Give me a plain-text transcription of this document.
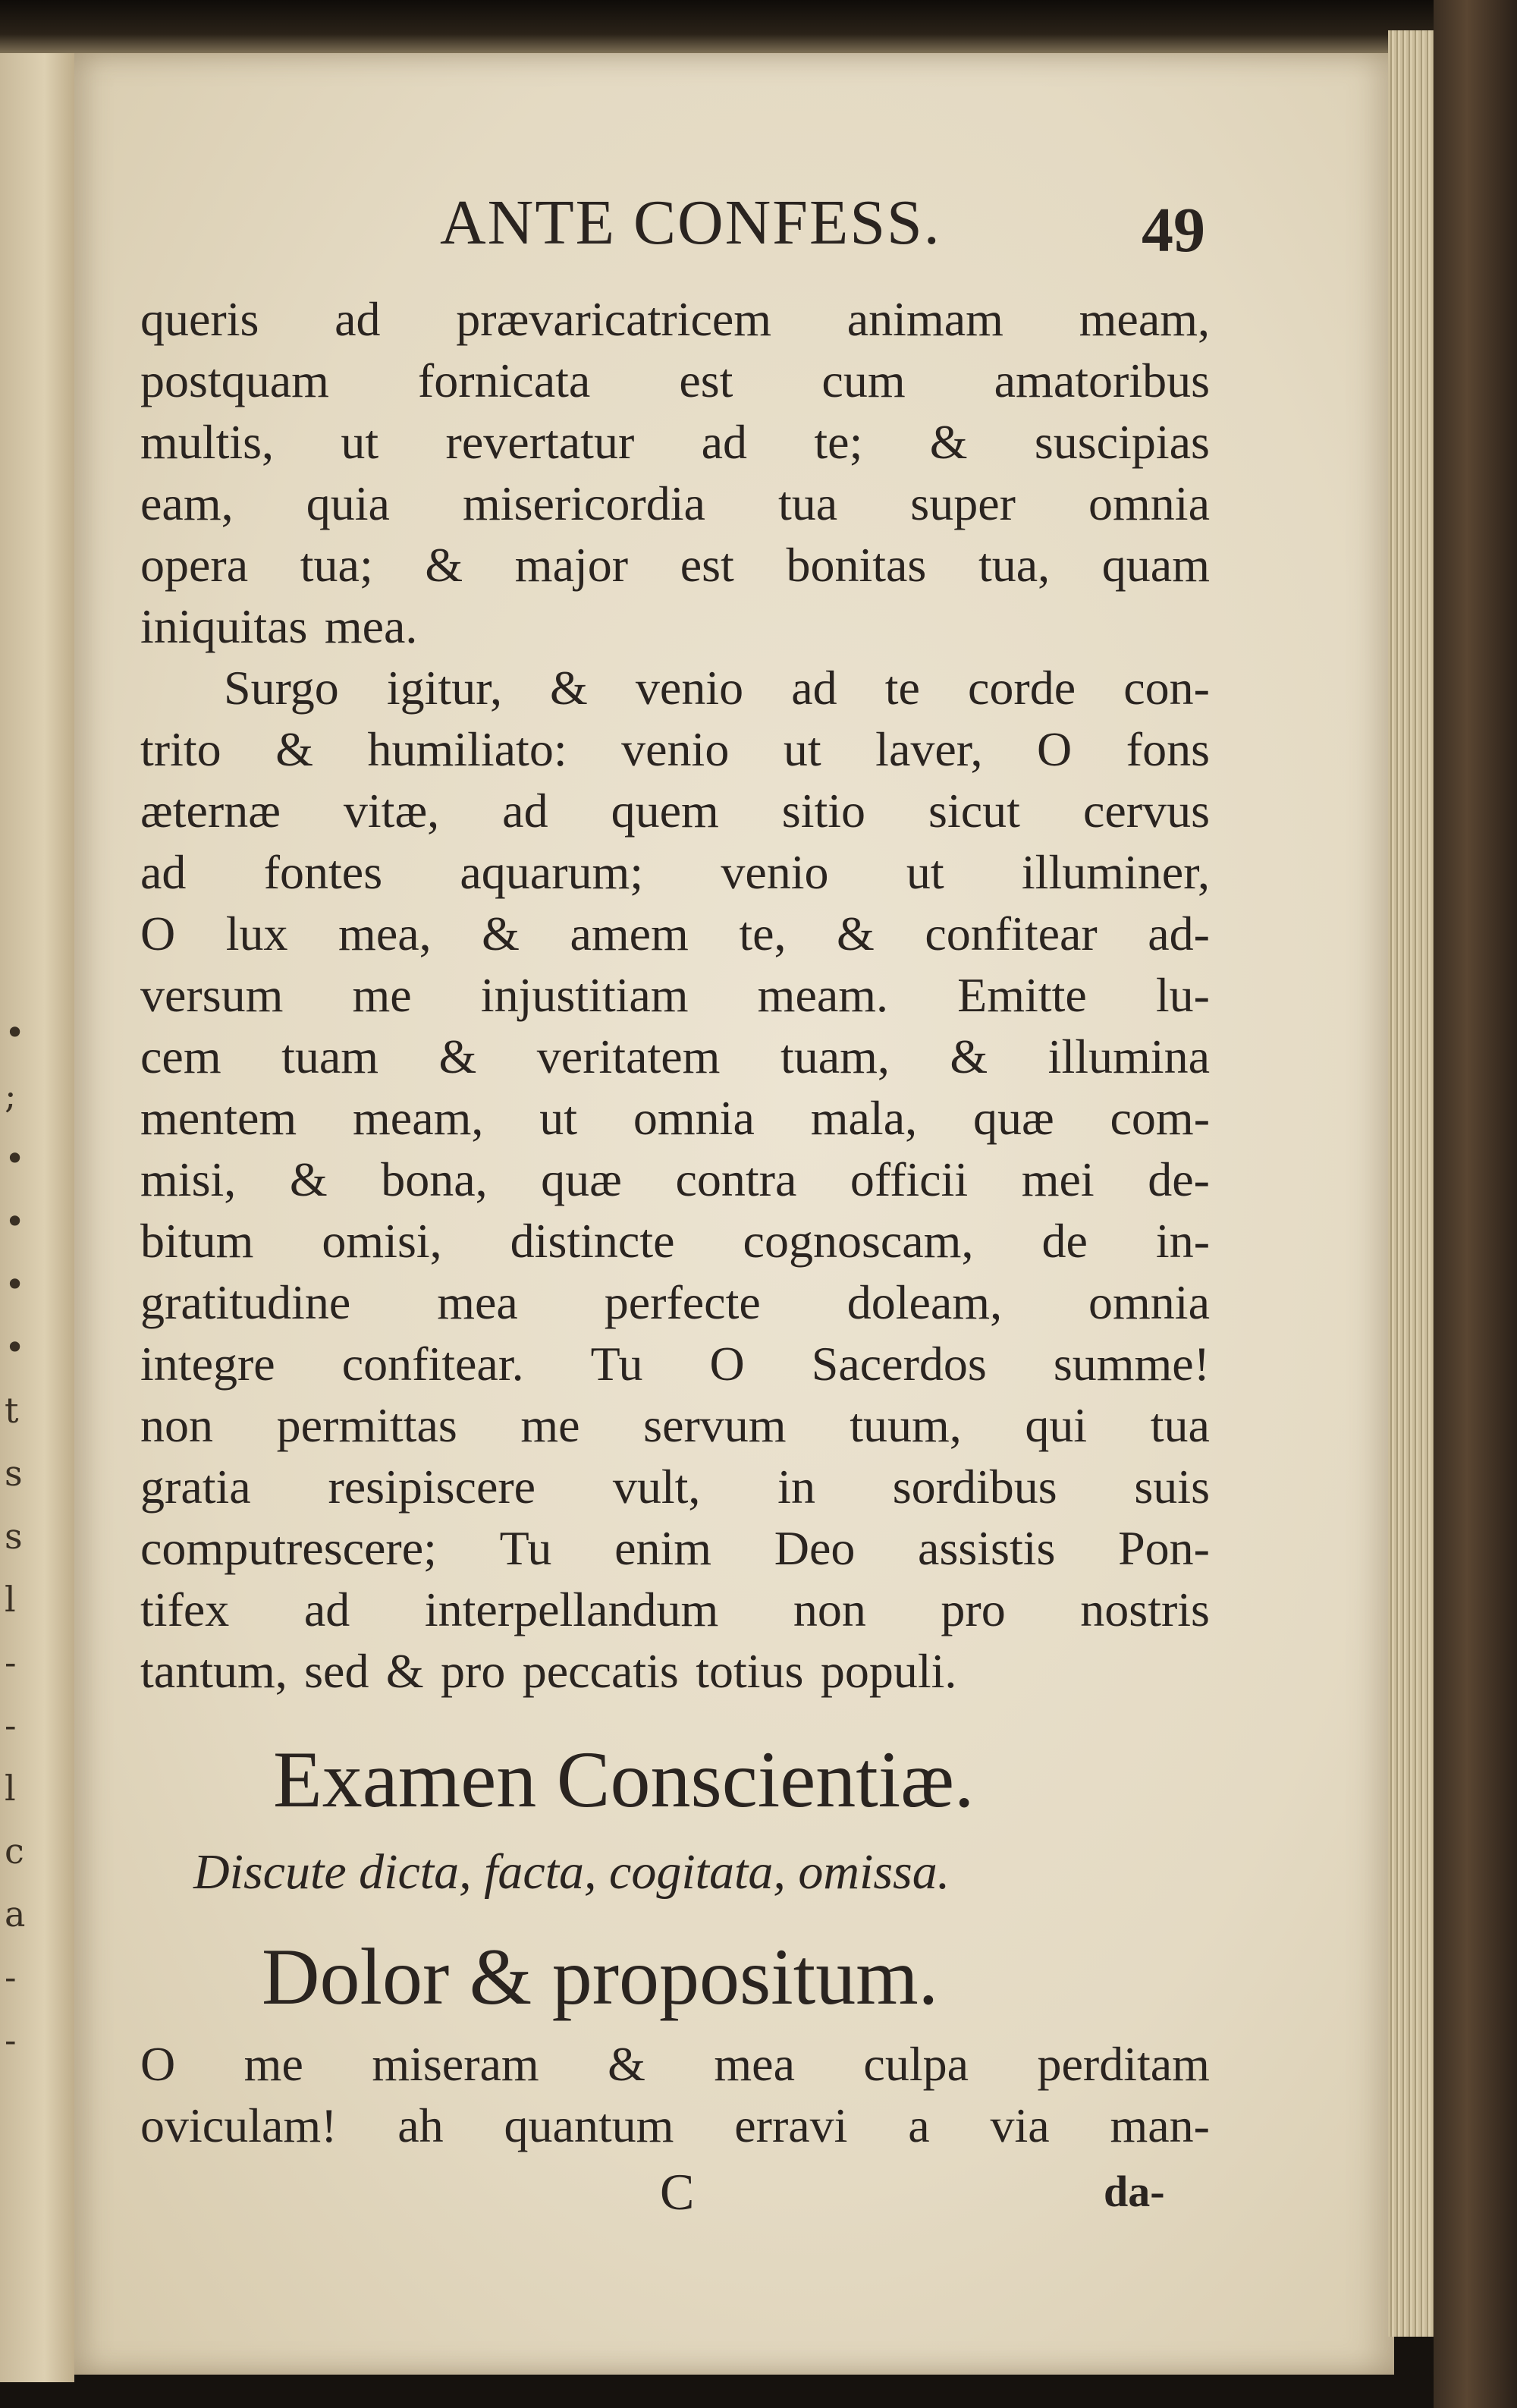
•
;
•
•
•
•
t
s
s
l
-
-
l
c
a
-
-
ANTE CONFESS.	49
queris ad prævaricatricem animam meam,
postquam fornicata est cum amatoribus
multis, ut revertatur ad te; & suscipias
eam, quia misericordia tua super omnia
opera tua; & major est bonitas tua, quam
iniquitas mea.
Surgo igitur, & venio ad te corde con-
trito & humiliato: venio ut laver, O fons
æternæ vitæ, ad quem sitio sicut cervus
ad fontes aquarum; venio ut illuminer,
O lux mea, & amem te, & confitear ad-
versum me injustitiam meam. Emitte lu-
cem tuam & veritatem tuam, & illumina
mentem meam, ut omnia mala, quæ com-
misi, & bona, quæ contra officii mei de-
bitum omisi, distincte cognoscam, de in-
gratitudine mea perfecte doleam, omnia
integre confitear. Tu O Sacerdos summe!
non permittas me servum tuum, qui tua
gratia resipiscere vult, in sordibus suis
computrescere; Tu enim Deo assistis Pon-
tifex ad interpellandum non pro nostris
tantum, sed & pro peccatis totius populi.
Examen Conscientiæ.
Discute dicta, facta, cogitata, omissa.
Dolor & propositum.
O me miseram & mea culpa perditam
oviculam! ah quantum erravi a via man-
C	da-
